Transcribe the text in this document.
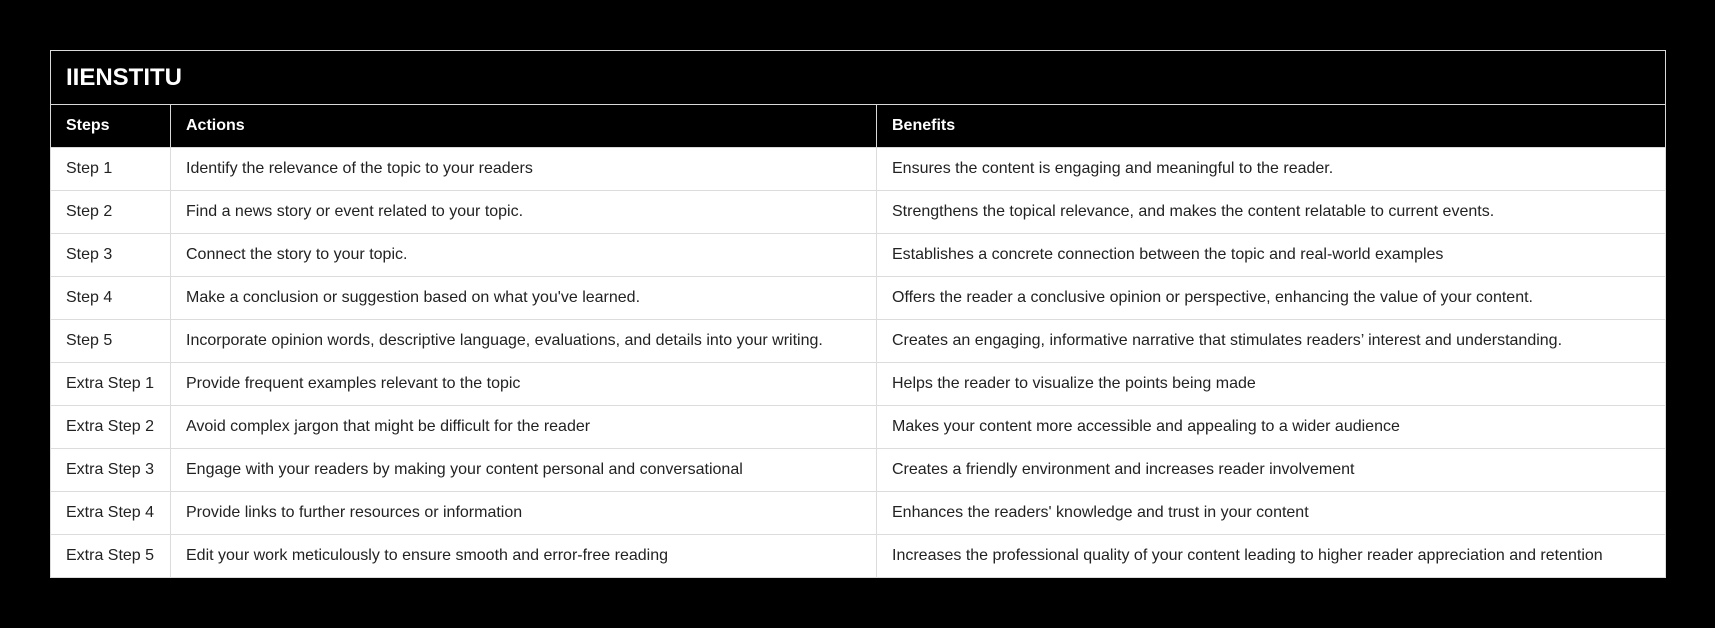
IIENSTITU		
Steps	Actions	Benefits
Step 1	Identify the relevance of the topic to your readers	Ensures the content is engaging and meaningful to the reader.
Step 2	Find a news story or event related to your topic.	Strengthens the topical relevance, and makes the content relatable to current events.
Step 3	Connect the story to your topic.	Establishes a concrete connection between the topic and real-world examples
Step 4	Make a conclusion or suggestion based on what you've learned.	Offers the reader a conclusive opinion or perspective, enhancing the value of your content.
Step 5	Incorporate opinion words, descriptive language, evaluations, and details into your writing.	Creates an engaging, informative narrative that stimulates readers’ interest and understanding.
Extra Step 1	Provide frequent examples relevant to the topic	Helps the reader to visualize the points being made
Extra Step 2	Avoid complex jargon that might be difficult for the reader	Makes your content more accessible and appealing to a wider audience
Extra Step 3	Engage with your readers by making your content personal and conversational	Creates a friendly environment and increases reader involvement
Extra Step 4	Provide links to further resources or information	Enhances the readers' knowledge and trust in your content
Extra Step 5	Edit your work meticulously to ensure smooth and error-free reading	Increases the professional quality of your content leading to higher reader appreciation and retention
